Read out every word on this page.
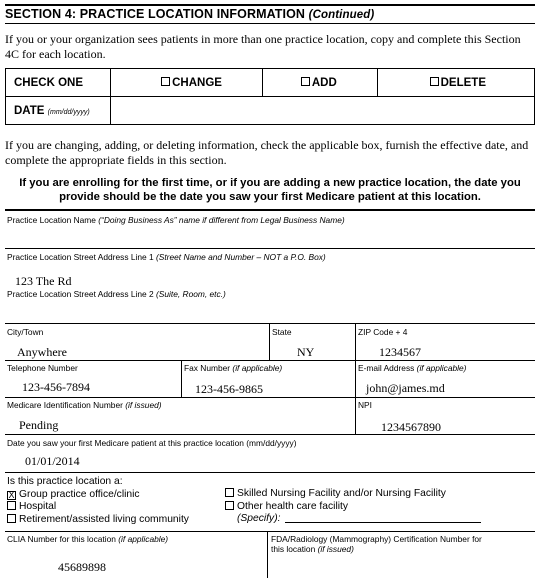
SECTION 4: PRACTICE LOCATION INFORMATION (Continued)
If you or your organization sees patients in more than one practice location, copy and complete this Section 4C for each location.
CHECK ONE	CHANGE	ADD	DELETE
DATE (mm/dd/yyyy)			
If you are changing, adding, or deleting information, check the applicable box, furnish the effective date, and complete the appropriate fields in this section.
If you are enrolling for the first time, or if you are adding a new practice location, the date you provide should be the date you saw your first Medicare patient at this location.
Practice Location Name (“Doing Business As” name if different from Legal Business Name)
Practice Location Street Address Line 1 (Street Name and Number – NOT a P.O. Box)
123 The Rd
Practice Location Street Address Line 2 (Suite, Room, etc.)
City/Town
Anywhere
State
NY
ZIP Code + 4
1234567
Telephone Number
123-456-7894
Fax Number (if applicable)
123-456-9865
E-mail Address (if applicable)
john@james.md
Medicare Identification Number (if issued)
Pending
NPI
1234567890
Date you saw your first Medicare patient at this practice location (mm/dd/yyyy)
01/01/2014
Is this practice location a:
X Group practice office/clinic
Hospital
Retirement/assisted living community
Skilled Nursing Facility and/or Nursing Facility
Other health care facility
(Specify):
CLIA Number for this location (if applicable)
45689898
FDA/Radiology (Mammography) Certification Number for
this location (if issued)
